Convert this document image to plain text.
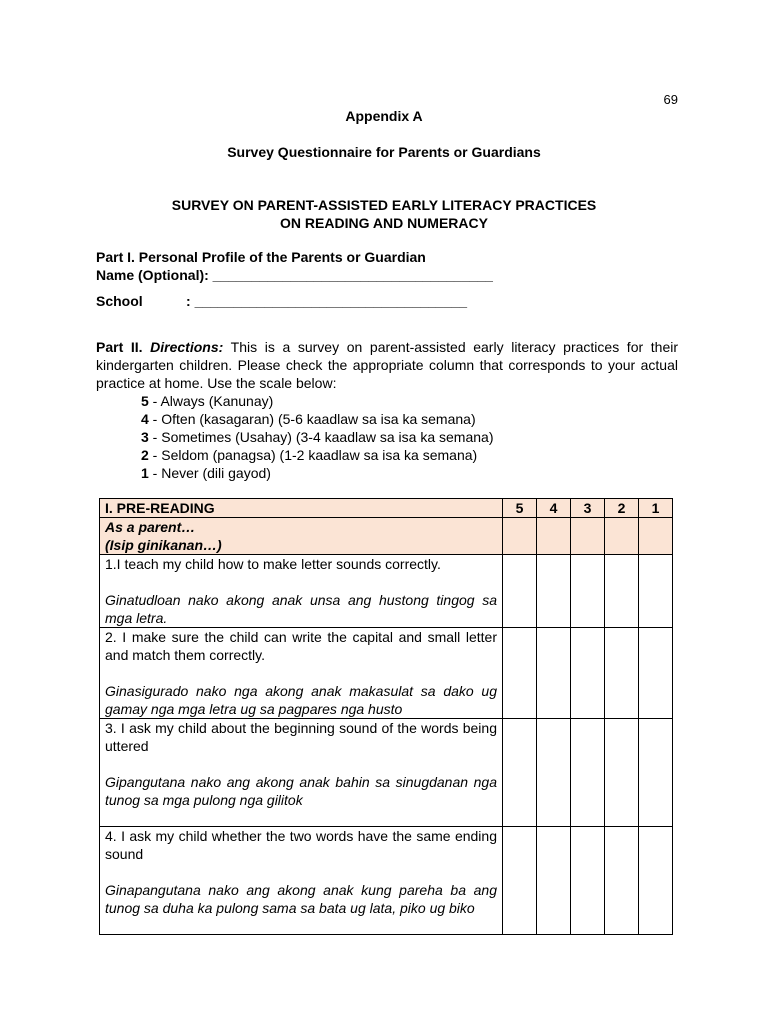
69
Appendix A
Survey Questionnaire for Parents or Guardians
SURVEY ON PARENT-ASSISTED EARLY LITERACY PRACTICES
ON READING AND NUMERACY
Part I. Personal Profile of the Parents or Guardian
Name (Optional): ____________________________________
School	: ___________________________________
Part II. Directions: This is a survey on parent-assisted early literacy practices for their kindergarten children. Please check the appropriate column that corresponds to your actual practice at home. Use the scale below:
5 - Always (Kanunay)
4 - Often (kasagaran) (5-6 kaadlaw sa isa ka semana)
3 - Sometimes (Usahay) (3-4 kaadlaw sa isa ka semana)
2 - Seldom (panagsa) (1-2 kaadlaw sa isa ka semana)
1 - Never (dili gayod)
I. PRE-READING	5	4	3	2	1

As a parent…
(Isip ginikanan…)					

1.I teach my child how to make letter sounds correctly.
Ginatudloan nako akong anak unsa ang hustong tingog sa mga letra.					

2. I make sure the child can write the capital and small letter and match them correctly.
Ginasigurado nako nga akong anak makasulat sa dako ug gamay nga mga letra ug sa pagpares nga husto					

3. I ask my child about the beginning sound of the words being uttered
Gipangutana nako ang akong anak bahin sa sinugdanan nga tunog sa mga pulong nga gilitok					

4. I ask my child whether the two words have the same ending sound
Ginapangutana nako ang akong anak kung pareha ba ang tunog sa duha ka pulong sama sa bata ug lata, piko ug biko					
